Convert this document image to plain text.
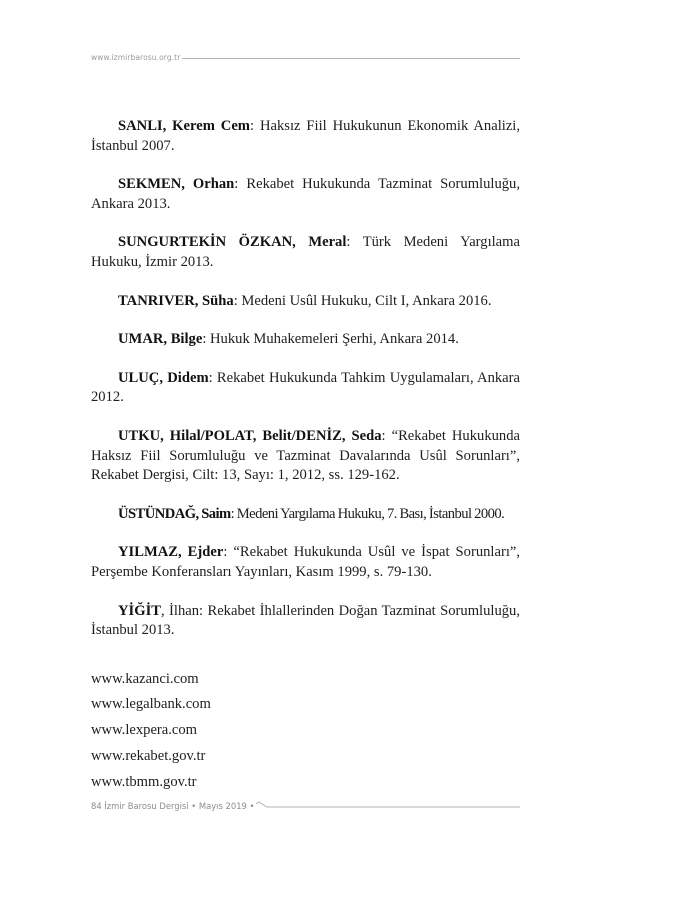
www.izmirbarosu.org.tr

SANLI, Kerem Cem: Haksız Fiil Hukukunun Ekonomik Analizi, İstanbul 2007.

SEKMEN, Orhan: Rekabet Hukukunda Tazminat Sorumluluğu, Ankara 2013.

SUNGURTEKİN ÖZKAN, Meral: Türk Medeni Yargılama Hukuku, İzmir 2013.

TANRIVER, Süha: Medeni Usûl Hukuku, Cilt I, Ankara 2016.

UMAR, Bilge: Hukuk Muhakemeleri Şerhi, Ankara 2014.

ULUÇ, Didem: Rekabet Hukukunda Tahkim Uygulamaları, Ankara 2012.

UTKU, Hilal/POLAT, Belit/DENİZ, Seda: “Rekabet Hukukunda Haksız Fiil Sorumluluğu ve Tazminat Davalarında Usûl Sorunları”, Rekabet Dergisi, Cilt: 13, Sayı: 1, 2012, ss. 129-162.

ÜSTÜNDAĞ, Saim: Medeni Yargılama Hukuku, 7. Bası, İstanbul 2000.

YILMAZ, Ejder: “Rekabet Hukukunda Usûl ve İspat Sorunları”, Perşembe Konferansları Yayınları, Kasım 1999, s. 79-130.

YİĞİT, İlhan: Rekabet İhlallerinden Doğan Tazminat Sorumluluğu, İstanbul 2013.

www.kazanci.com
www.legalbank.com
www.lexpera.com
www.rekabet.gov.tr
www.tbmm.gov.tr
84 İzmir Barosu Dergisi • Mayıs 2019 •
